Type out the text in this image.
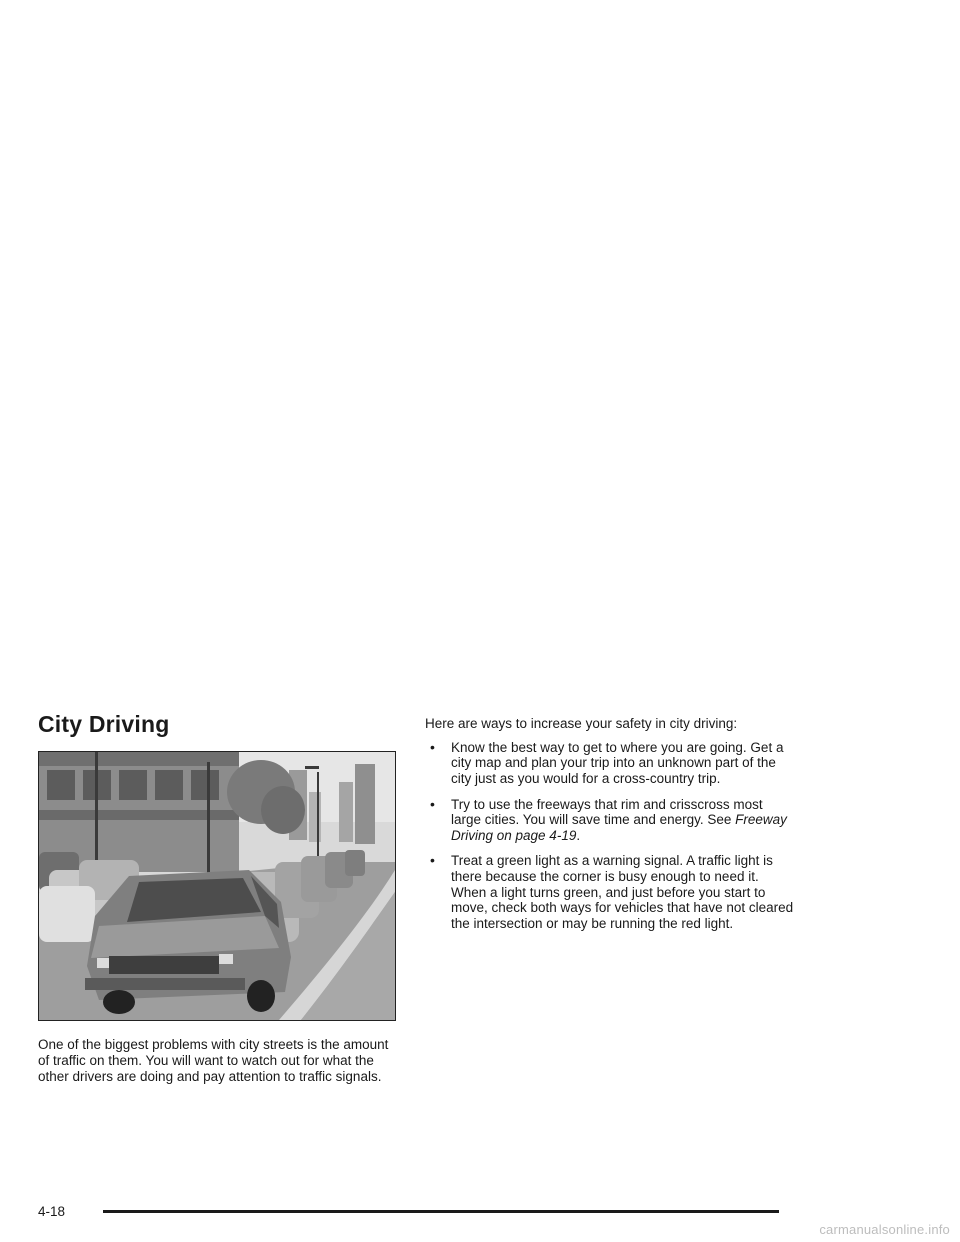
City Driving

One of the biggest problems with city streets is the amount of traffic on them. You will want to watch out for what the other drivers are doing and pay attention to traffic signals.

Here are ways to increase your safety in city driving:

• Know the best way to get to where you are going. Get a city map and plan your trip into an unknown part of the city just as you would for a cross-country trip.
• Try to use the freeways that rim and crisscross most large cities. You will save time and energy. See Freeway Driving on page 4-19.
• Treat a green light as a warning signal. A traffic light is there because the corner is busy enough to need it. When a light turns green, and just before you start to move, check both ways for vehicles that have not cleared the intersection or may be running the red light.
4-18
carmanualsonline.info
